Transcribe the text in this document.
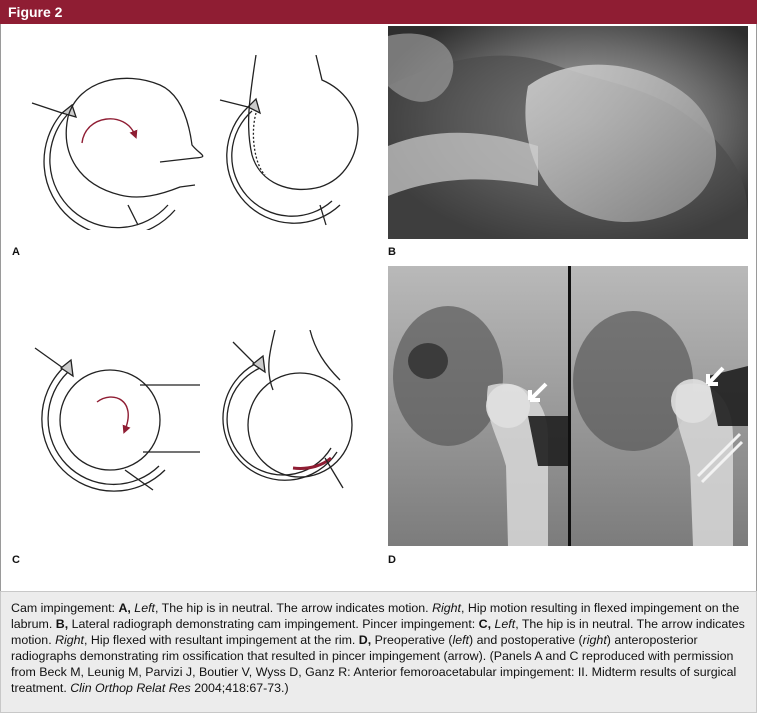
Figure 2
A	B
C	D
Cam impingement: A, Left, The hip is in neutral. The arrow indicates motion. Right, Hip motion resulting in flexed impingement on the labrum. B, Lateral radiograph demonstrating cam impingement. Pincer impingement: C, Left, The hip is in neutral. The arrow indicates motion. Right, Hip flexed with resultant impingement at the rim. D, Preoperative (left) and postoperative (right) anteroposterior radiographs demonstrating rim ossification that resulted in pincer impingement (arrow). (Panels A and C reproduced with permission from Beck M, Leunig M, Parvizi J, Boutier V, Wyss D, Ganz R: Anterior femoroacetabular impingement: II. Midterm results of surgical treatment. Clin Orthop Relat Res 2004;418:67-73.)
